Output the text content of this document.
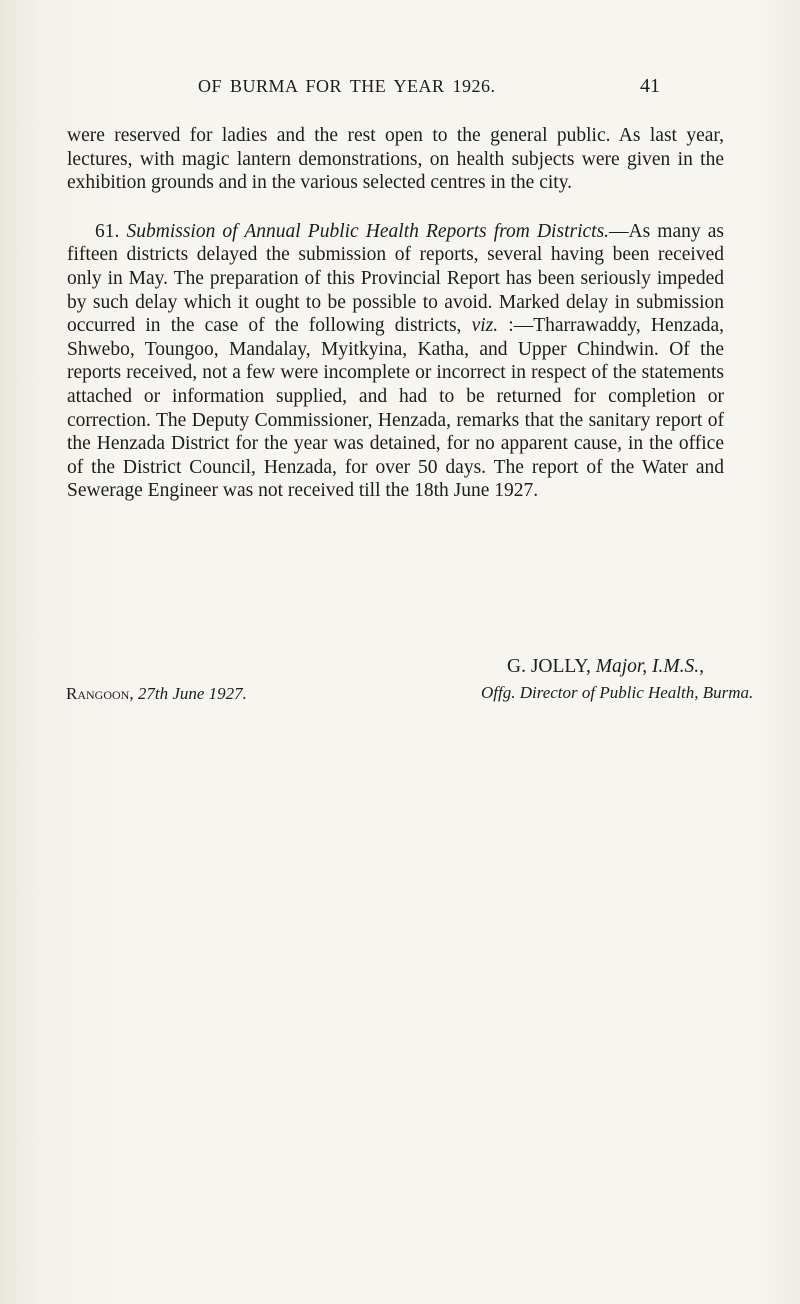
OF BURMA FOR THE YEAR 1926.	41

were reserved for ladies and the rest open to the general public. As last year, lectures, with magic lantern demonstrations, on health subjects were given in the exhibition grounds and in the various selected centres in the city.

61. Submission of Annual Public Health Reports from Districts.—As many as fifteen districts delayed the submission of reports, several having been received only in May. The preparation of this Provincial Report has been seriously impeded by such delay which it ought to be possible to avoid. Marked delay in submission occurred in the case of the following districts, viz. :—Tharrawaddy, Henzada, Shwebo, Toungoo, Mandalay, Myitkyina, Katha, and Upper Chindwin. Of the reports received, not a few were incomplete or incorrect in respect of the statements attached or information supplied, and had to be returned for completion or correction. The Deputy Commissioner, Henzada, remarks that the sanitary report of the Henzada District for the year was detained, for no apparent cause, in the office of the District Council, Henzada, for over 50 days. The report of the Water and Sewerage Engineer was not received till the 18th June 1927.

G. JOLLY, Major, I.M.S.,
Rangoon, 27th June 1927.	Offg. Director of Public Health, Burma.
